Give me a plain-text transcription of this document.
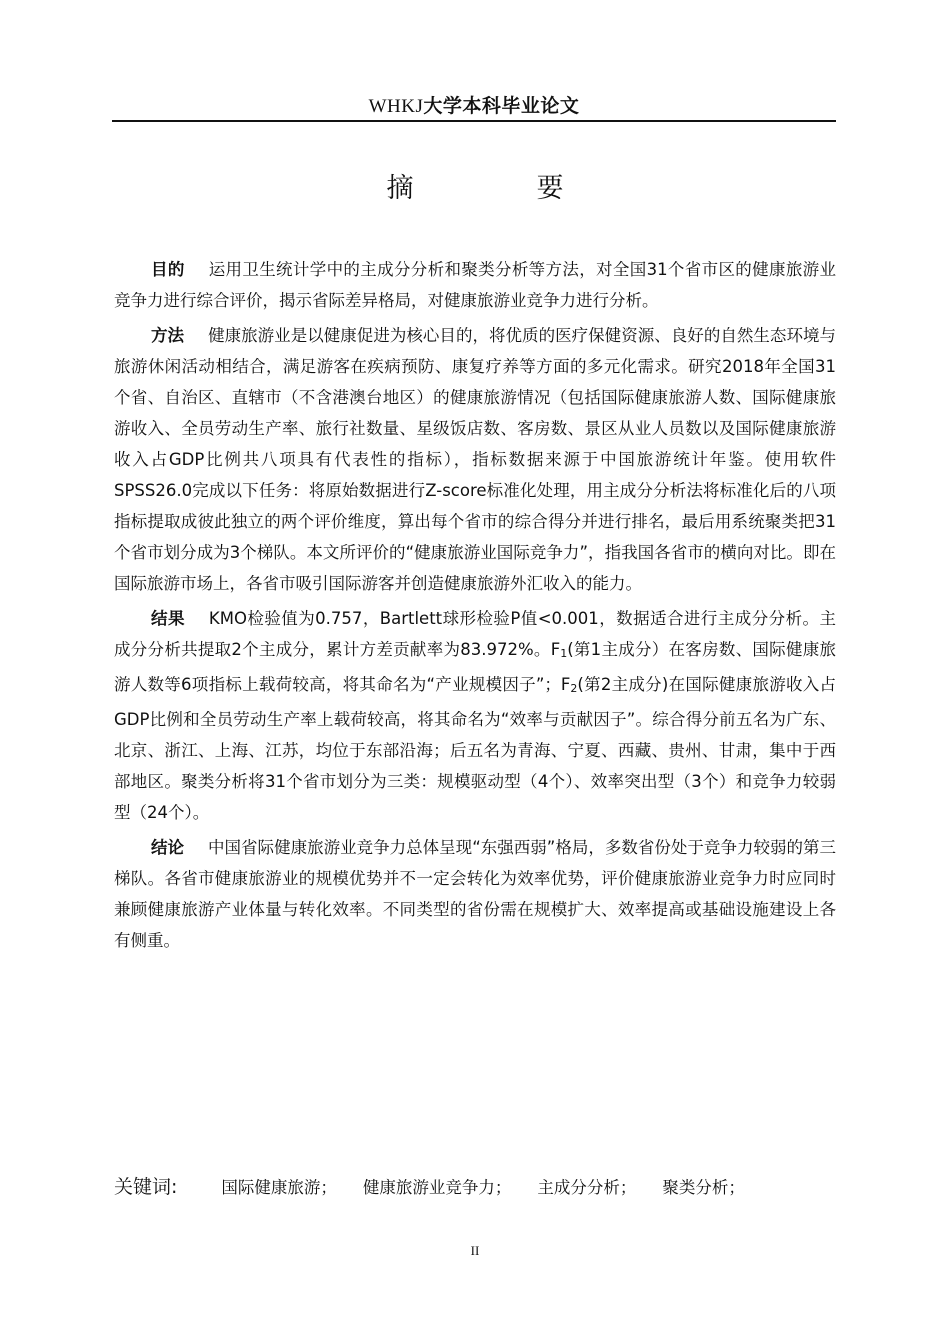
WHKJ大学本科毕业论文
摘　要

目的 运用卫生统计学中的主成分分析和聚类分析等方法，对全国31个省市区的健康旅游业竞争力进行综合评价，揭示省际差异格局，对健康旅游业竞争力进行分析。

方法 健康旅游业是以健康促进为核心目的，将优质的医疗保健资源、良好的自然生态环境与旅游休闲活动相结合，满足游客在疾病预防、康复疗养等方面的多元化需求。研究2018年全国31个省、自治区、直辖市（不含港澳台地区）的健康旅游情况（包括国际健康旅游人数、国际健康旅游收入、全员劳动生产率、旅行社数量、星级饭店数、客房数、景区从业人员数以及国际健康旅游收入占GDP比例共八项具有代表性的指标），指标数据来源于中国旅游统计年鉴。使用软件SPSS26.0完成以下任务：将原始数据进行Z-score标准化处理，用主成分分析法将标准化后的八项指标提取成彼此独立的两个评价维度，算出每个省市的综合得分并进行排名，最后用系统聚类把31个省市划分成为3个梯队。本文所评价的“健康旅游业国际竞争力”，指我国各省市的横向对比。即在国际旅游市场上，各省市吸引国际游客并创造健康旅游外汇收入的能力。

结果 KMO检验值为0.757，Bartlett球形检验P值<0.001，数据适合进行主成分分析。主成分分析共提取2个主成分，累计方差贡献率为83.972%。F1(第1主成分）在客房数、国际健康旅游人数等6项指标上载荷较高，将其命名为“产业规模因子”；F2(第2主成分)在国际健康旅游收入占GDP比例和全员劳动生产率上载荷较高，将其命名为“效率与贡献因子”。综合得分前五名为广东、北京、浙江、上海、江苏，均位于东部沿海；后五名为青海、宁夏、西藏、贵州、甘肃，集中于西部地区。聚类分析将31个省市划分为三类：规模驱动型（4个）、效率突出型（3个）和竞争力较弱型（24个）。

结论 中国省际健康旅游业竞争力总体呈现“东强西弱”格局，多数省份处于竞争力较弱的第三梯队。各省市健康旅游业的规模优势并不一定会转化为效率优势，评价健康旅游业竞争力时应同时兼顾健康旅游产业体量与转化效率。不同类型的省份需在规模扩大、效率提高或基础设施建设上各有侧重。

关键词:	国际健康旅游； 健康旅游业竞争力； 主成分分析； 聚类分析；
II
